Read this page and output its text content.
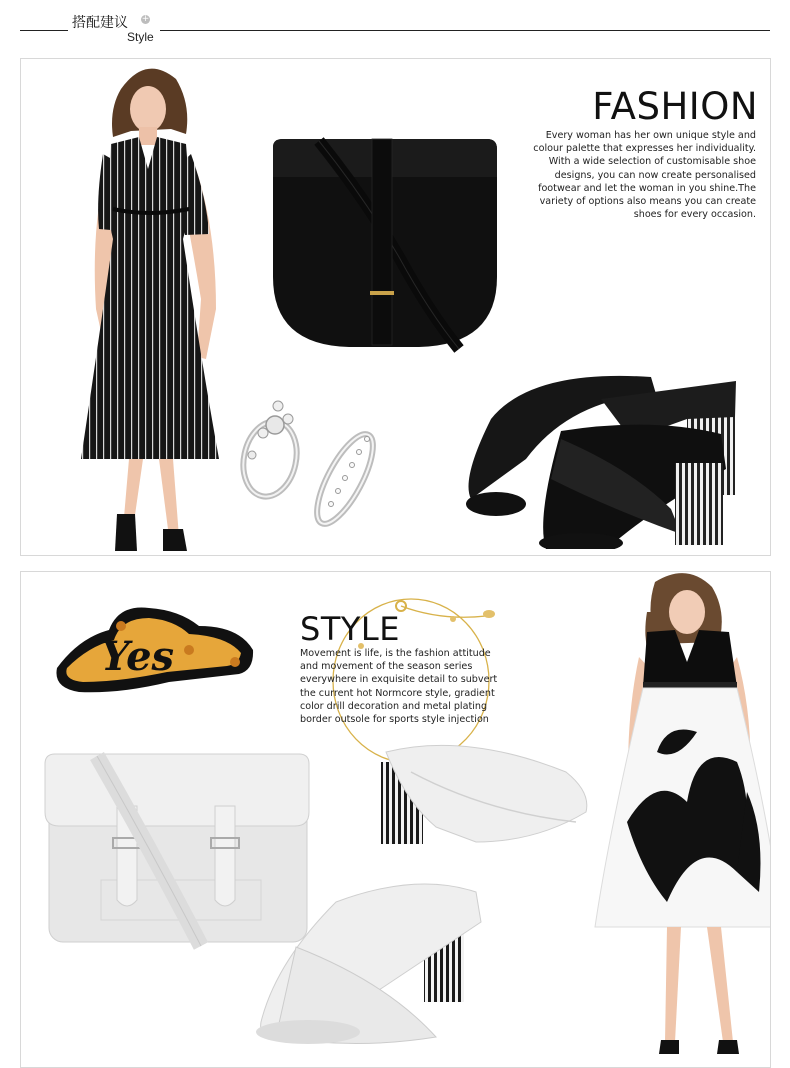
搭配建议 +
Style
FASHION
Every woman has her own unique style and colour palette that expresses her individuality. With a wide selection of customisable shoe designs, you can now create personalised footwear and let the woman in you shine.The variety of options also means you can create shoes for every occasion.
Yes
STYLE
Movement is life, is the fashion attitude and movement of the season series everywhere in exquisite detail to subvert the current hot Normcore style, gradient color drill decoration and metal plating border outsole for sports style injection
